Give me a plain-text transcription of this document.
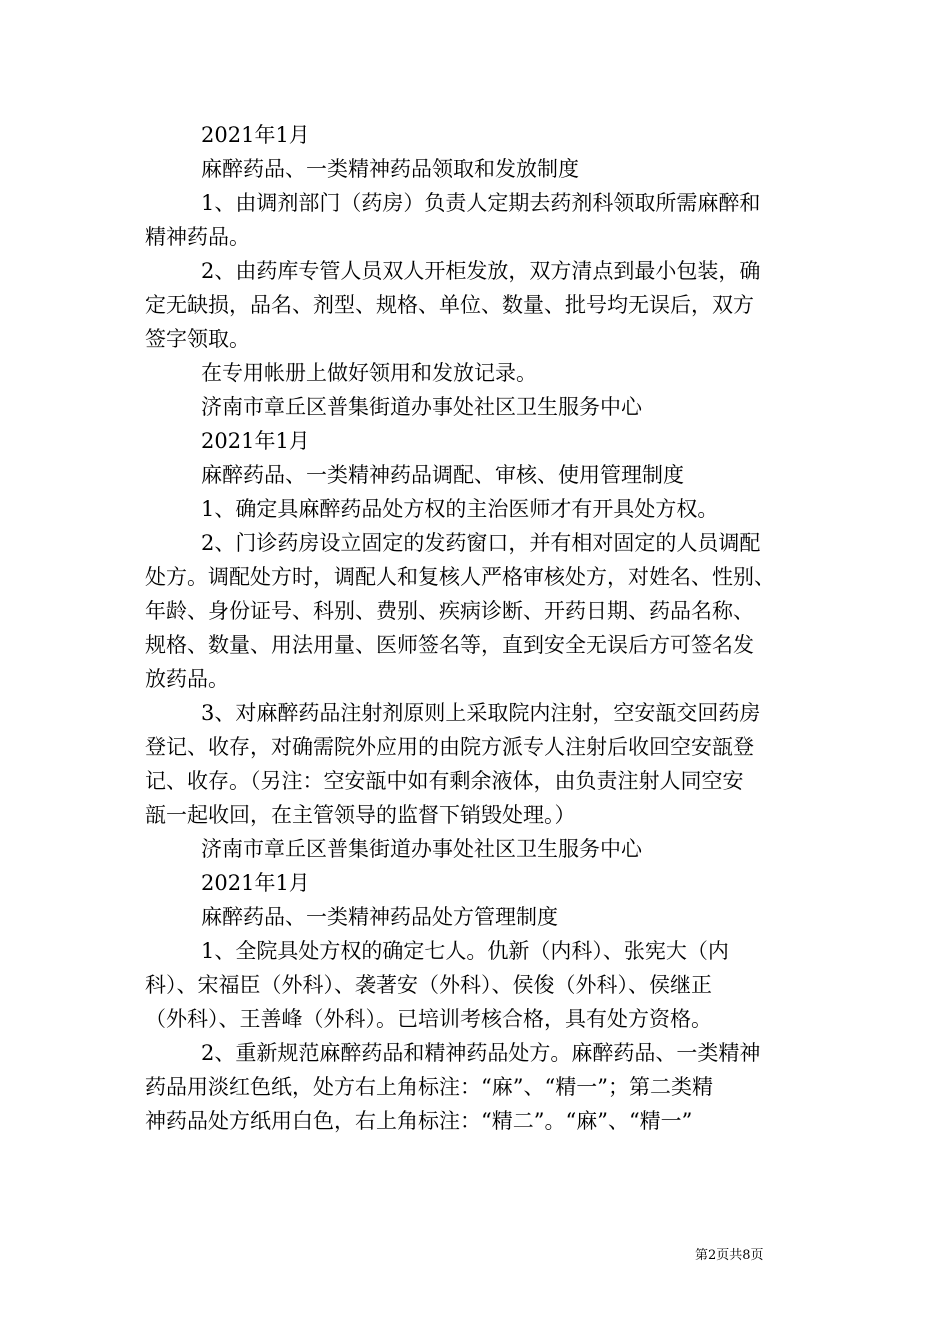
2021年1月

麻醉药品、一类精神药品领取和发放制度

1、由调剂部门（药房）负责人定期去药剂科领取所需麻醉和

精神药品。

2、由药库专管人员双人开柜发放，双方清点到最小包装，确

定无缺损，品名、剂型、规格、单位、数量、批号均无误后，双方

签字领取。

在专用帐册上做好领用和发放记录。

济南市章丘区普集街道办事处社区卫生服务中心

2021年1月

麻醉药品、一类精神药品调配、审核、使用管理制度

1、确定具麻醉药品处方权的主治医师才有开具处方权。

2、门诊药房设立固定的发药窗口，并有相对固定的人员调配

处方。调配处方时，调配人和复核人严格审核处方，对姓名、性别、

年龄、身份证号、科别、费别、疾病诊断、开药日期、药品名称、

规格、数量、用法用量、医师签名等，直到安全无误后方可签名发

放药品。

3、对麻醉药品注射剂原则上采取院内注射，空安瓿交回药房

登记、收存，对确需院外应用的由院方派专人注射后收回空安瓿登

记、收存。（另注：空安瓿中如有剩余液体，由负责注射人同空安

瓿一起收回，在主管领导的监督下销毁处理。）

济南市章丘区普集街道办事处社区卫生服务中心

2021年1月

麻醉药品、一类精神药品处方管理制度

1、全院具处方权的确定七人。仇新（内科）、张宪大（内

科）、宋福臣（外科）、袭著安（外科）、侯俊（外科）、侯继正

（外科）、王善峰（外科）。已培训考核合格，具有处方资格。

2、重新规范麻醉药品和精神药品处方。麻醉药品、一类精神

药品用淡红色纸，处方右上角标注：“麻”、“精一”；第二类精

神药品处方纸用白色，右上角标注：“精二”。“麻”、“精一”

第2页共8页
